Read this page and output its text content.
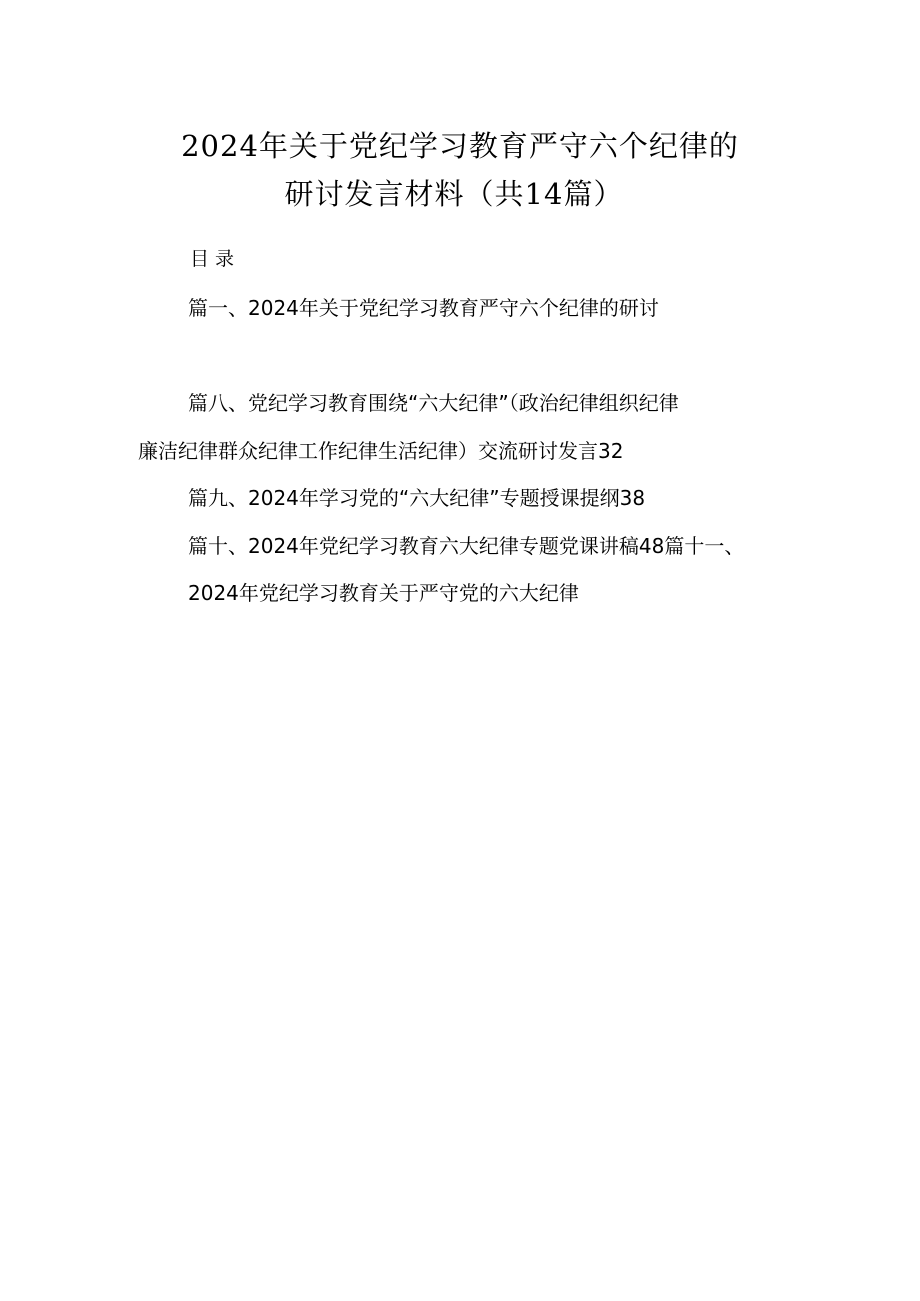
2024年关于党纪学习教育严守六个纪律的
研讨发言材料（共14篇）
目录
篇一、2024年关于党纪学习教育严守六个纪律的研讨
篇八、党纪学习教育围绕“六大纪律”（政治纪律组织纪律
廉洁纪律群众纪律工作纪律生活纪律）交流研讨发言32
篇九、2024年学习党的“六大纪律”专题授课提纲38
篇十、2024年党纪学习教育六大纪律专题党课讲稿48篇十一、
2024年党纪学习教育关于严守党的六大纪律
